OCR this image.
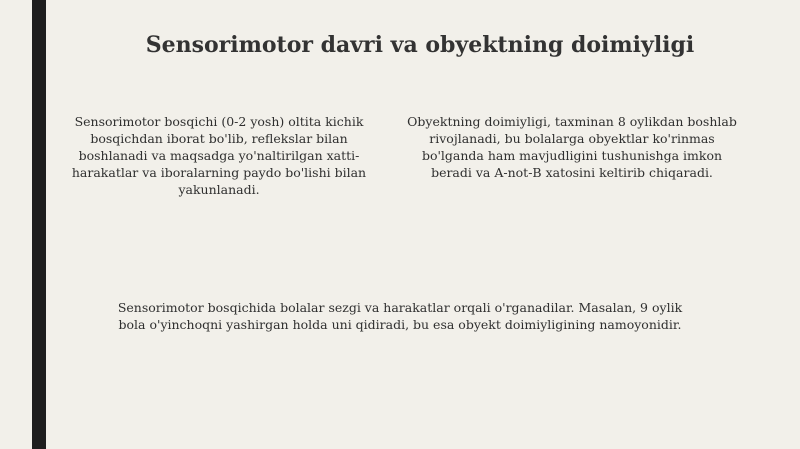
Sensorimotor davri va obyektning doimiyligi

Sensorimotor bosqichi (0-2 yosh) oltita kichik bosqichdan iborat bo'lib, reflekslar bilan boshlanadi va maqsadga yo'naltirilgan xatti-harakatlar va iboralarning paydo bo'lishi bilan yakunlanadi.

Obyektning doimiyligi, taxminan 8 oylikdan boshlab rivojlanadi, bu bolalarga obyektlar ko'rinmas bo'lganda ham mavjudligini tushunishga imkon beradi va A-not-B xatosini keltirib chiqaradi.

Sensorimotor bosqichida bolalar sezgi va harakatlar orqali o'rganadilar. Masalan, 9 oylik bola o'yinchoqni yashirgan holda uni qidiradi, bu esa obyekt doimiyligining namoyonidir.
